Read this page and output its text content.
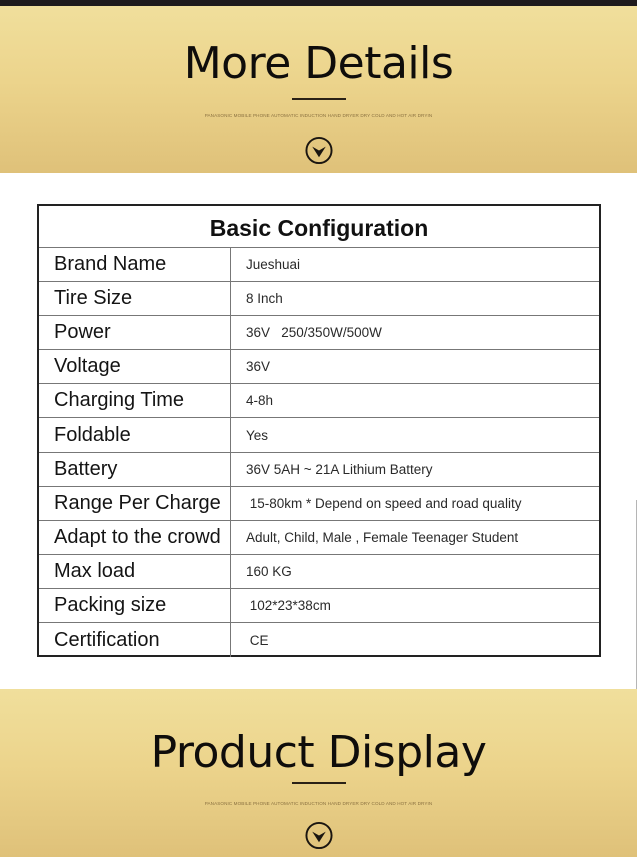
More Details
PANASONIC MOBILE PHONE AUTOMATIC INDUCTION HAND DRYER DRY COLD AND HOT AIR DRYIN
Basic Configuration
Brand Name	Jueshuai
Tire Size	8 Inch
Power	36V   250/350W/500W
Voltage	36V
Charging Time	4-8h
Foldable	Yes
Battery	36V 5AH ~ 21A Lithium Battery
Range Per Charge	15-80km * Depend on speed and road quality
Adapt to the crowd	Adult, Child, Male , Female Teenager Student
Max load	160 KG
Packing size	102*23*38cm
Certification	CE
Product Display
PANASONIC MOBILE PHONE AUTOMATIC INDUCTION HAND DRYER DRY COLD AND HOT AIR DRYIN
